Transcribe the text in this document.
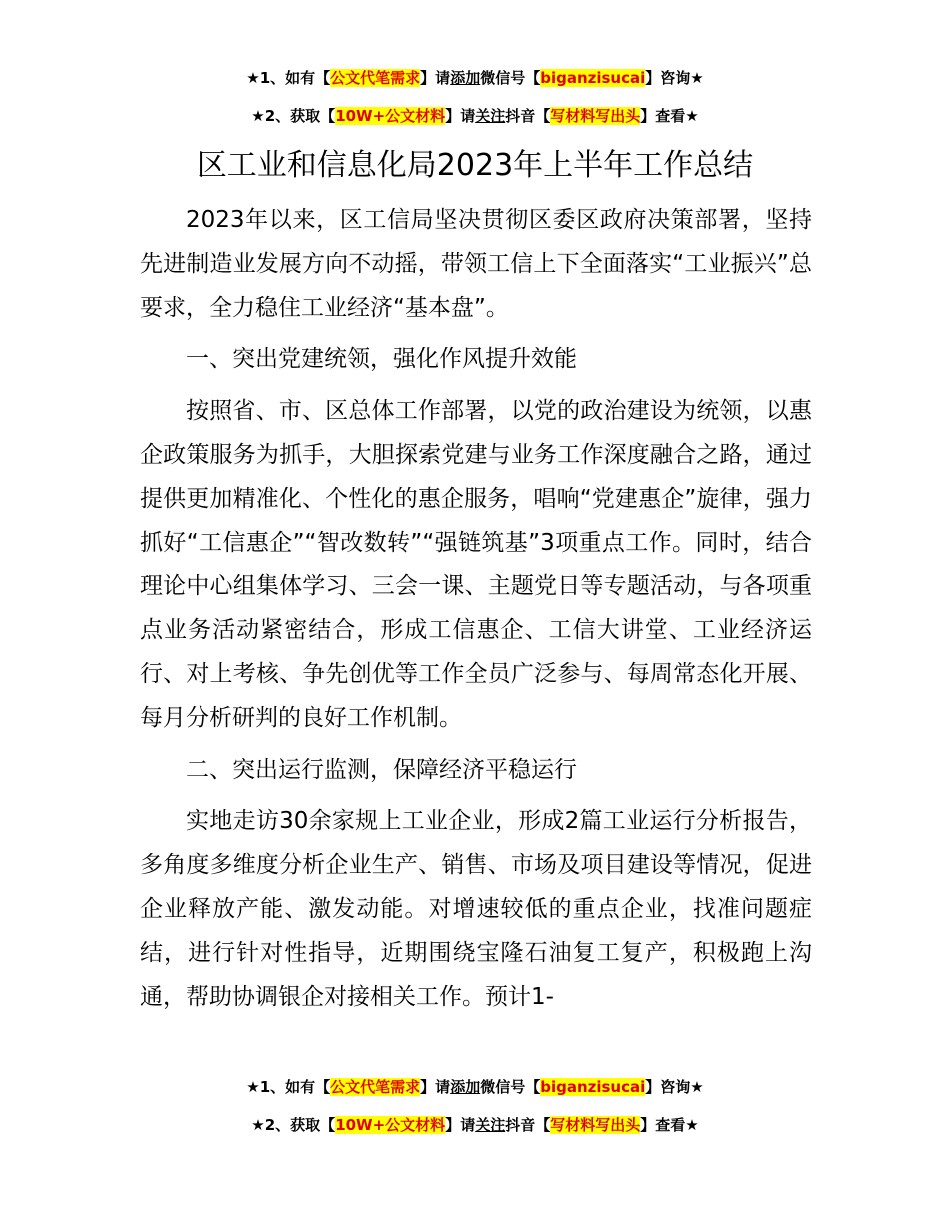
★1、如有【公文代笔需求】请添加微信号【biganzisucai】咨询★
★2、获取【10W+公文材料】请关注抖音【写材料写出头】查看★
区工业和信息化局2023年上半年工作总结

2023年以来，区工信局坚决贯彻区委区政府决策部署，坚持先进制造业发展方向不动摇，带领工信上下全面落实“工业振兴”总要求，全力稳住工业经济“基本盘”。

一、突出党建统领，强化作风提升效能

按照省、市、区总体工作部署，以党的政治建设为统领，以惠企政策服务为抓手，大胆探索党建与业务工作深度融合之路，通过提供更加精准化、个性化的惠企服务，唱响“党建惠企”旋律，强力抓好“工信惠企”“智改数转”“强链筑基”3项重点工作。同时，结合理论中心组集体学习、三会一课、主题党日等专题活动，与各项重点业务活动紧密结合，形成工信惠企、工信大讲堂、工业经济运行、对上考核、争先创优等工作全员广泛参与、每周常态化开展、每月分析研判的良好工作机制。

二、突出运行监测，保障经济平稳运行

实地走访30余家规上工业企业，形成2篇工业运行分析报告，多角度多维度分析企业生产、销售、市场及项目建设等情况，促进企业释放产能、激发动能。对增速较低的重点企业，找准问题症结，进行针对性指导，近期围绕宝隆石油复工复产，积极跑上沟通，帮助协调银企对接相关工作。预计1-

★1、如有【公文代笔需求】请添加微信号【biganzisucai】咨询★
★2、获取【10W+公文材料】请关注抖音【写材料写出头】查看★
